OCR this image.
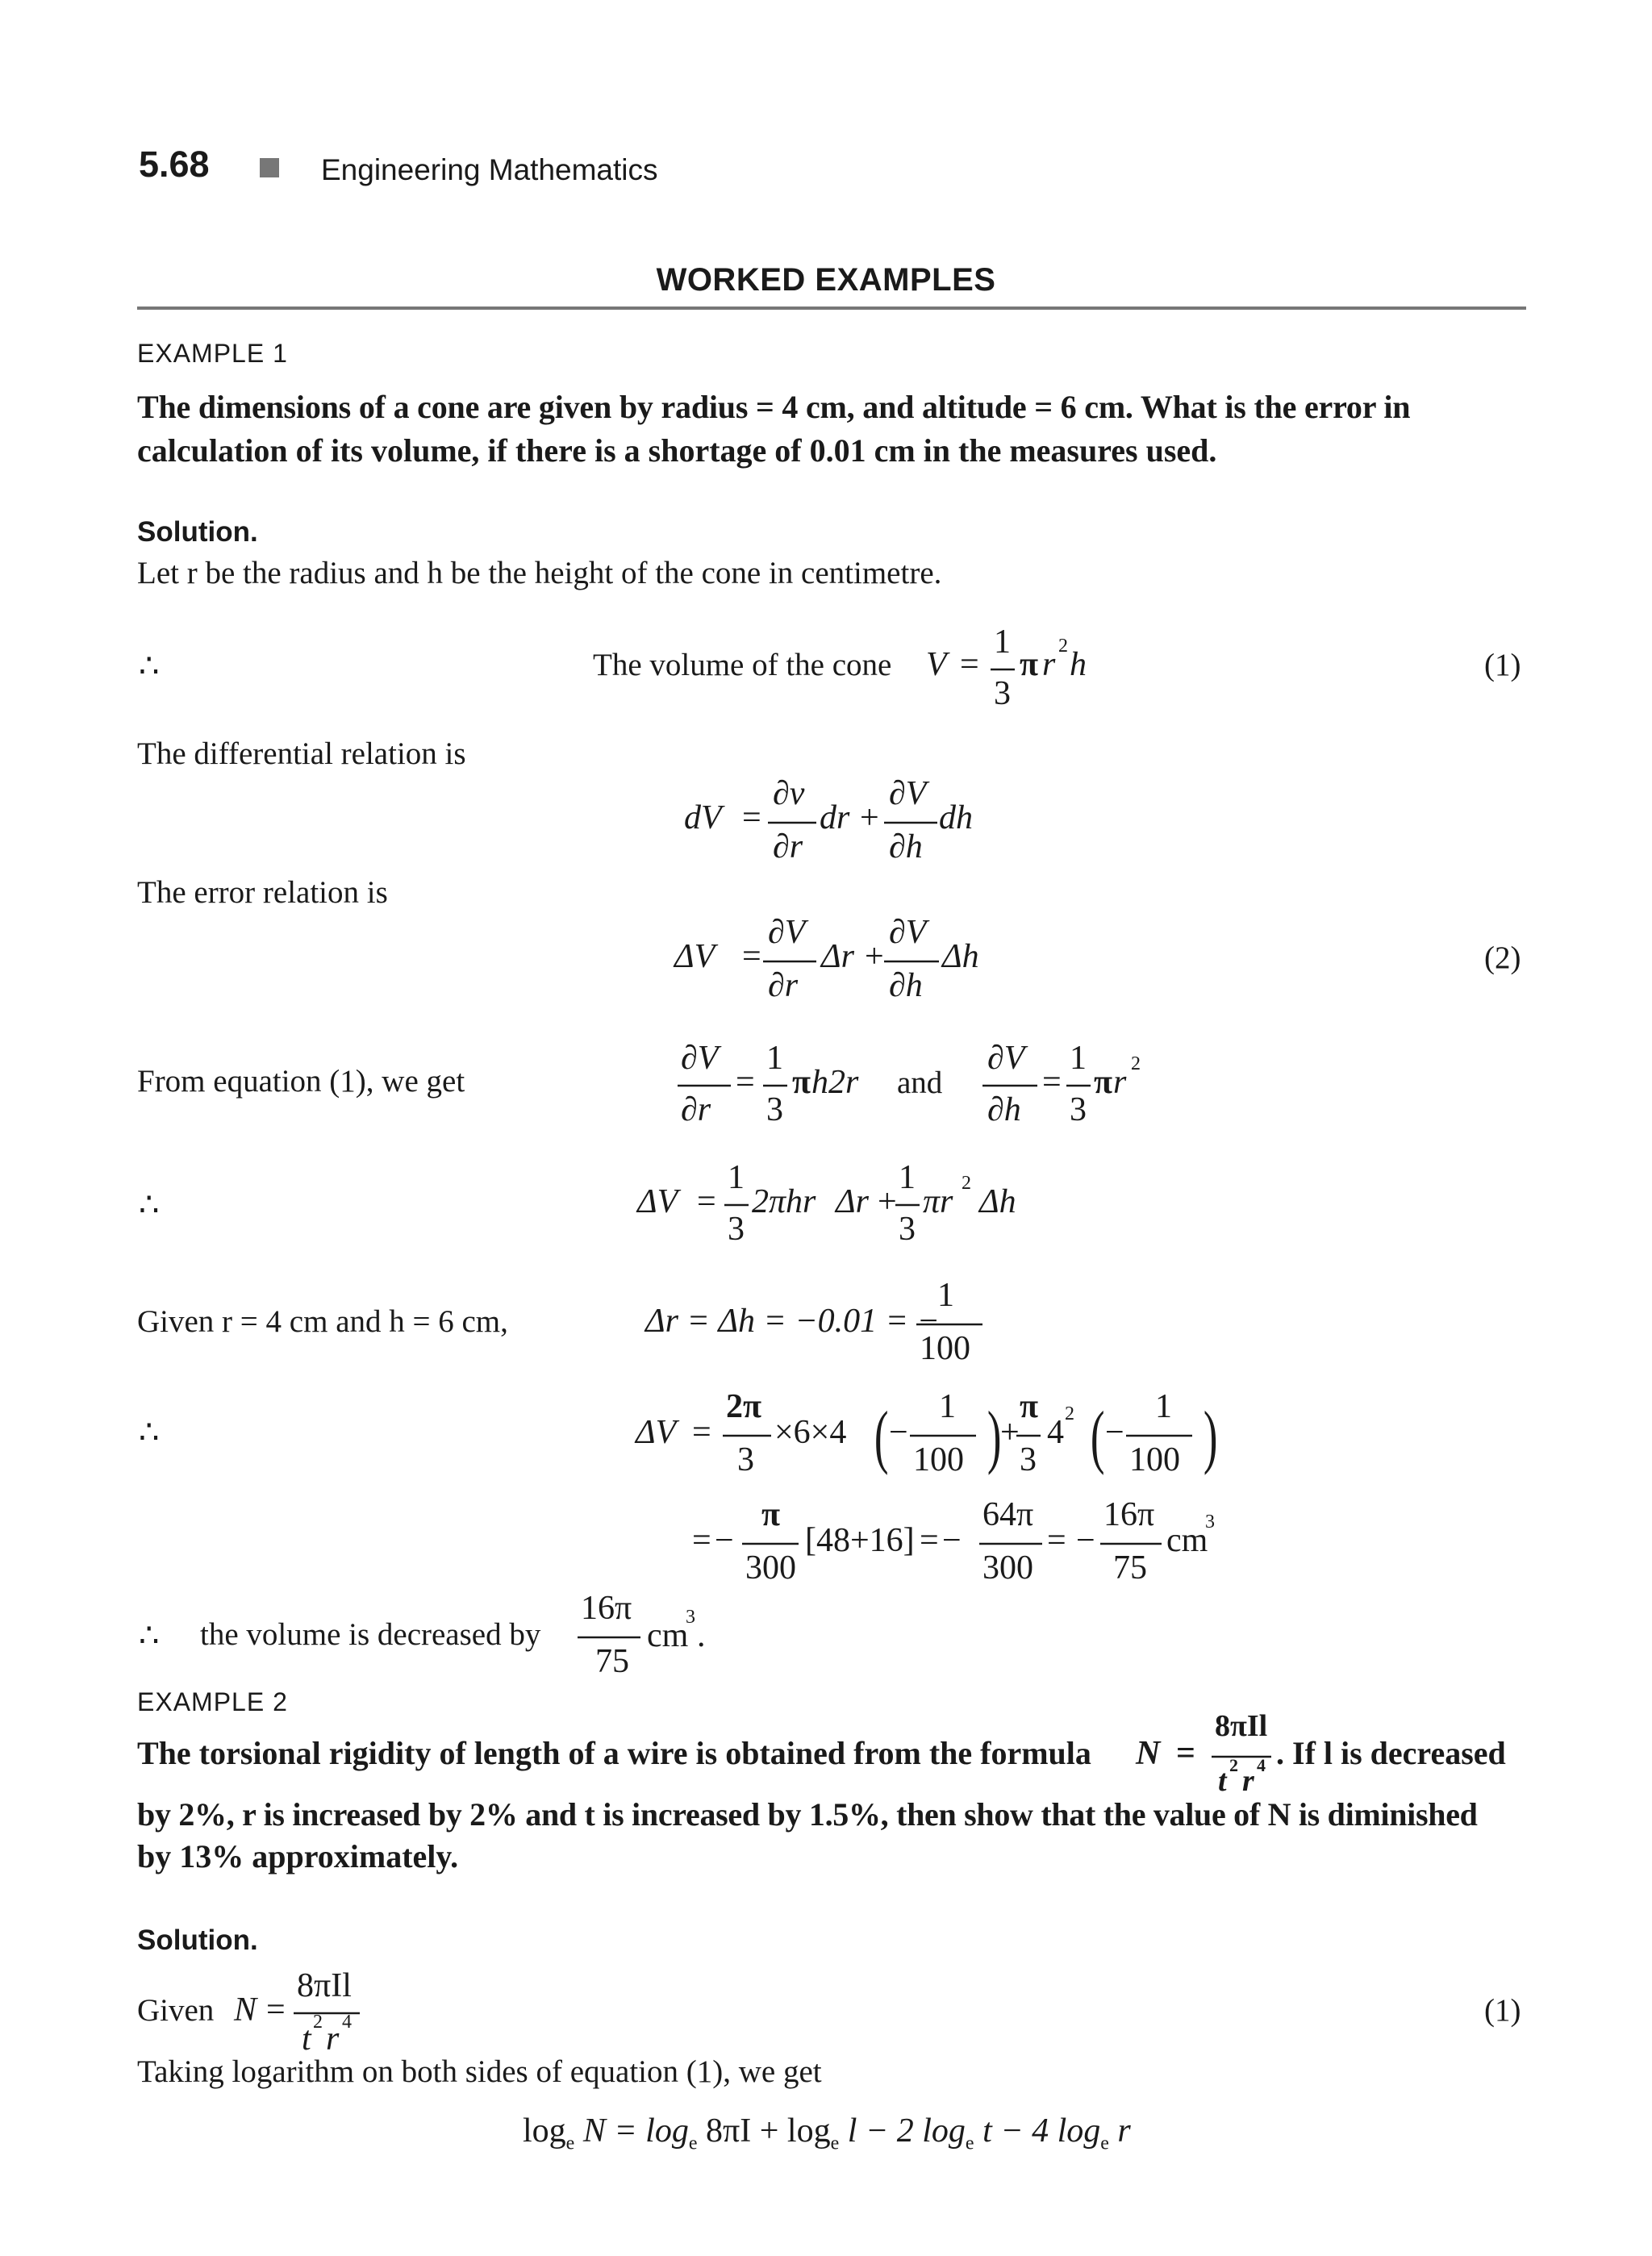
5.68	Engineering Mathematics
WORKED EXAMPLES
EXAMPLE 1
The dimensions of a cone are given by radius = 4 cm, and altitude = 6 cm. What is the error in
calculation of its volume, if there is a shortage of 0.01 cm in the measures used.
Solution.
Let r be the radius and h be the height of the cone in centimetre.
∴	The volume of the cone V =
1
3
π r 2 h	(1)
The differential relation is
dV =
∂v
∂r
dr +
∂V
∂h
dh
The error relation is
ΔV =
∂V
∂r
Δr +
∂V
∂h
Δh	(2)
From equation (1), we get
∂V
∂r
=
1
3
π h2r and
∂V
∂h
=
1
3
π r 2
∴	ΔV =
1
3
2πhr Δr +
1
3
πr 2 Δh
Given r = 4 cm and h = 6 cm,	Δr = Δh = −0.01 = −
1
100
∴	ΔV =
2π
3
×6×4 ( −
1
100 )
+
π
3
4 2 ( −
1
100 )
= −
π
300
[48+16] = −
64π
300
= −
16π
75
cm
3
∴ the volume is decreased by
16π
75
cm
3 .
EXAMPLE 2
The torsional rigidity of length of a wire is obtained from the formula N =
8πIl
t 2 r 4 . If l is decreased
by 2%, r is increased by 2% and t is increased by 1.5%, then show that the value of N is diminished
by 13% approximately.
Solution.
Given N =
8πIl
t 2 r 4	(1)
Taking logarithm on both sides of equation (1), we get
$\log_e N = \log_e 8\pi I + \log_e l - 2$ $\log_e t - 4$ $\log_e r$
